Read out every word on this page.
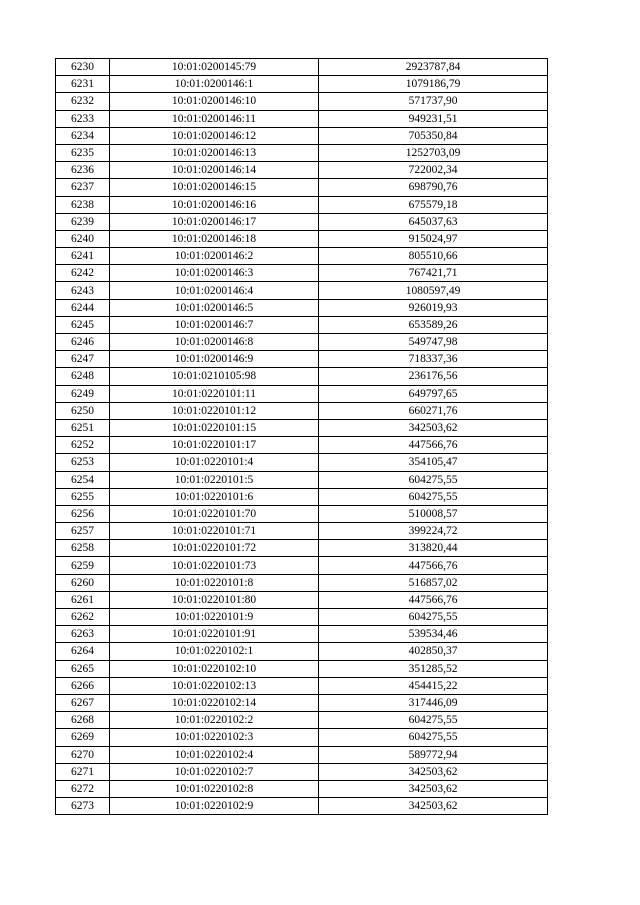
6230	10:01:0200145:79	2923787,84
6231	10:01:0200146:1	1079186,79
6232	10:01:0200146:10	571737,90
6233	10:01:0200146:11	949231,51
6234	10:01:0200146:12	705350,84
6235	10:01:0200146:13	1252703,09
6236	10:01:0200146:14	722002,34
6237	10:01:0200146:15	698790,76
6238	10:01:0200146:16	675579,18
6239	10:01:0200146:17	645037,63
6240	10:01:0200146:18	915024,97
6241	10:01:0200146:2	805510,66
6242	10:01:0200146:3	767421,71
6243	10:01:0200146:4	1080597,49
6244	10:01:0200146:5	926019,93
6245	10:01:0200146:7	653589,26
6246	10:01:0200146:8	549747,98
6247	10:01:0200146:9	718337,36
6248	10:01:0210105:98	236176,56
6249	10:01:0220101:11	649797,65
6250	10:01:0220101:12	660271,76
6251	10:01:0220101:15	342503,62
6252	10:01:0220101:17	447566,76
6253	10:01:0220101:4	354105,47
6254	10:01:0220101:5	604275,55
6255	10:01:0220101:6	604275,55
6256	10:01:0220101:70	510008,57
6257	10:01:0220101:71	399224,72
6258	10:01:0220101:72	313820,44
6259	10:01:0220101:73	447566,76
6260	10:01:0220101:8	516857,02
6261	10:01:0220101:80	447566,76
6262	10:01:0220101:9	604275,55
6263	10:01:0220101:91	539534,46
6264	10:01:0220102:1	402850,37
6265	10:01:0220102:10	351285,52
6266	10:01:0220102:13	454415,22
6267	10:01:0220102:14	317446,09
6268	10:01:0220102:2	604275,55
6269	10:01:0220102:3	604275,55
6270	10:01:0220102:4	589772,94
6271	10:01:0220102:7	342503,62
6272	10:01:0220102:8	342503,62
6273	10:01:0220102:9	342503,62
